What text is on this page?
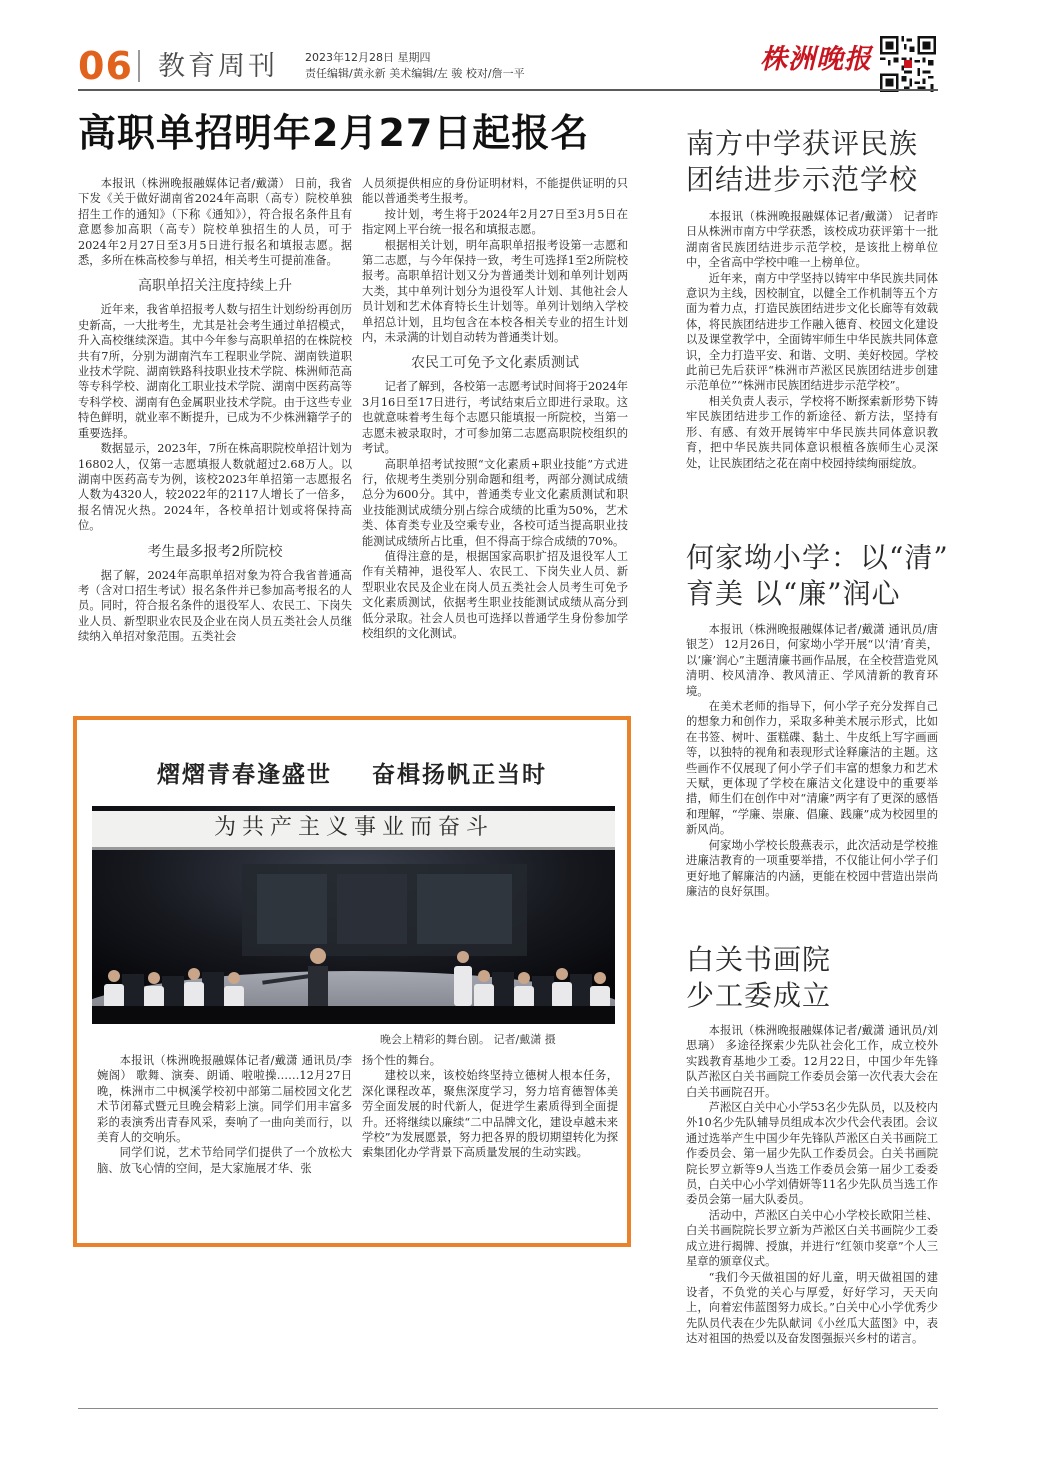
06 教育周刊 2023年12月28日 星期四
责任编辑/黄永新 美术编辑/左 骏 校对/詹一平	株洲晚报
高职单招明年2月27日起报名

本报讯（株洲晚报融媒体记者/戴潇） 日前，我省下发《关于做好湖南省2024年高职（高专）院校单独招生工作的通知》（下称《通知》），符合报名条件且有意愿参加高职（高专）院校单独招生的人员，可于2024年2月27日至3月5日进行报名和填报志愿。据悉，多所在株高校参与单招，相关考生可提前准备。

高职单招关注度持续上升

近年来，我省单招报考人数与招生计划纷纷再创历史新高，一大批考生，尤其是社会考生通过单招模式，升入高校继续深造。其中今年参与高职单招的在株院校共有7所，分别为湖南汽车工程职业学院、湖南铁道职业技术学院、湖南铁路科技职业技术学院、株洲师范高等专科学校、湖南化工职业技术学院、湖南中医药高等专科学校、湖南有色金属职业技术学院。由于这些专业特色鲜明，就业率不断提升，已成为不少株洲籍学子的重要选择。

数据显示，2023年，7所在株高职院校单招计划为16802人，仅第一志愿填报人数就超过2.68万人。以湖南中医药高专为例，该校2023年单招第一志愿报名人数为4320人，较2022年的2117人增长了一倍多，报名情况火热。2024年，各校单招计划或将保持高位。

考生最多报考2所院校

据了解，2024年高职单招对象为符合我省普通高考（含对口招生考试）报名条件并已参加高考报名的人员。同时，符合报名条件的退役军人、农民工、下岗失业人员、新型职业农民及企业在岗人员五类社会人员继续纳入单招对象范围。五类社会

人员须提供相应的身份证明材料，不能提供证明的只能以普通类考生报考。

按计划，考生将于2024年2月27日至3月5日在指定网上平台统一报名和填报志愿。

根据相关计划，明年高职单招报考设第一志愿和第二志愿，与今年保持一致，考生可选择1至2所院校报考。高职单招计划又分为普通类计划和单列计划两大类，其中单列计划分为退役军人计划、其他社会人员计划和艺术体育特长生计划等。单列计划纳入学校单招总计划，且均包含在本校各相关专业的招生计划内，未录满的计划自动转为普通类计划。

农民工可免予文化素质测试

记者了解到，各校第一志愿考试时间将于2024年3月16日至17日进行，考试结束后立即进行录取。这也就意味着考生每个志愿只能填报一所院校，当第一志愿未被录取时，才可参加第二志愿高职院校组织的考试。

高职单招考试按照“文化素质+职业技能”方式进行，依规考生类别分别命题和组考，两部分测试成绩总分为600分。其中，普通类专业文化素质测试和职业技能测试成绩分别占综合成绩的比重为50%，艺术类、体育类专业及空乘专业，各校可适当提高职业技能测试成绩所占比重，但不得高于综合成绩的70%。

值得注意的是，根据国家高职扩招及退役军人工作有关精神，退役军人、农民工、下岗失业人员、新型职业农民及企业在岗人员五类社会人员考生可免予文化素质测试，依据考生职业技能测试成绩从高分到低分录取。社会人员也可选择以普通学生身份参加学校组织的文化测试。

熠熠青春逢盛世    奋楫扬帆正当时
为共产主义事业而奋斗
晚会上精彩的舞台剧。 记者/戴潇 摄

本报讯（株洲晚报融媒体记者/戴潇 通讯员/李婉阁） 歌舞、演奏、朗诵、啦啦操……12月27日晚，株洲市二中枫溪学校初中部第二届校园文化艺术节闭幕式暨元旦晚会精彩上演。同学们用丰富多彩的表演秀出青春风采，奏响了一曲向美而行，以美育人的交响乐。

同学们说，艺术节给同学们提供了一个放松大脑、放飞心情的空间，是大家施展才华、张

扬个性的舞台。

建校以来，该校始终坚持立德树人根本任务，深化课程改革，聚焦深度学习，努力培育德智体美劳全面发展的时代新人，促进学生素质得到全面提升。还将继续以廉续“二中品牌文化，建设卓越未来学校”为发展愿景，努力把各界的殷切期望转化为探索集团化办学背景下高质量发展的生动实践。

南方中学获评民族
团结进步示范学校

本报讯（株洲晚报融媒体记者/戴潇） 记者昨日从株洲市南方中学获悉，该校成功获评第十一批湖南省民族团结进步示范学校，是该批上榜单位中，全省高中学校中唯一上榜单位。

近年来，南方中学坚持以铸牢中华民族共同体意识为主线，因校制宜，以健全工作机制等五个方面为着力点，打造民族团结进步文化长廊等有效载体，将民族团结进步工作融入德育、校园文化建设以及课堂教学中，全面铸牢师生中华民族共同体意识，全力打造平安、和谐、文明、美好校园。学校此前已先后获评“株洲市芦淞区民族团结进步创建示范单位”“株洲市民族团结进步示范学校”。

相关负责人表示，学校将不断探索新形势下铸牢民族团结进步工作的新途径、新方法，坚持有形、有感、有效开展铸牢中华民族共同体意识教育，把中华民族共同体意识根植各族师生心灵深处，让民族团结之花在南中校园持续绚丽绽放。

何家坳小学：以“清”
育美 以“廉”润心

本报讯（株洲晚报融媒体记者/戴潇 通讯员/唐银芝） 12月26日，何家坳小学开展“以‘清’育美，以‘廉’润心”主题清廉书画作品展，在全校营造党风清明、校风清净、教风清正、学风清新的教育环境。

在美术老师的指导下，何小学子充分发挥自己的想象力和创作力，采取多种美术展示形式，比如在书签、树叶、蛋糕碟、黏土、牛皮纸上写字画画等，以独特的视角和表现形式诠释廉洁的主题。这些画作不仅展现了何小学子们丰富的想象力和艺术天赋，更体现了学校在廉洁文化建设中的重要举措，师生们在创作中对“清廉”两字有了更深的感悟和理解，“学廉、崇廉、倡廉、践廉”成为校园里的新风尚。

何家坳小学校长殷燕表示，此次活动是学校推进廉洁教育的一项重要举措，不仅能让何小学子们更好地了解廉洁的内涵，更能在校园中营造出崇尚廉洁的良好氛围。

白关书画院
少工委成立

本报讯（株洲晚报融媒体记者/戴潇 通讯员/刘思璃） 多途径探索少先队社会化工作，成立校外实践教育基地少工委。12月22日，中国少年先锋队芦淞区白关书画院工作委员会第一次代表大会在白关书画院召开。

芦淞区白关中心小学53名少先队员，以及校内外10名少先队辅导员组成本次少代会代表团。会议通过选举产生中国少年先锋队芦淞区白关书画院工作委员会、第一届少先队工作委员会。白关书画院院长罗立新等9人当选工作委员会第一届少工委委员，白关中心小学刘倩妍等11名少先队员当选工作委员会第一届大队委员。

活动中，芦淞区白关中心小学校长欧阳兰桂、白关书画院院长罗立新为芦淞区白关书画院少工委成立进行揭牌、授旗，并进行“红领巾奖章”个人三星章的颁章仪式。

“我们今天做祖国的好儿童，明天做祖国的建设者，不负党的关心与厚爱，好好学习，天天向上，向着宏伟蓝图努力成长。”白关中心小学优秀少先队员代表在少先队献词《小丝瓜大蓝图》中，表达对祖国的热爱以及奋发图强振兴乡村的诺言。
